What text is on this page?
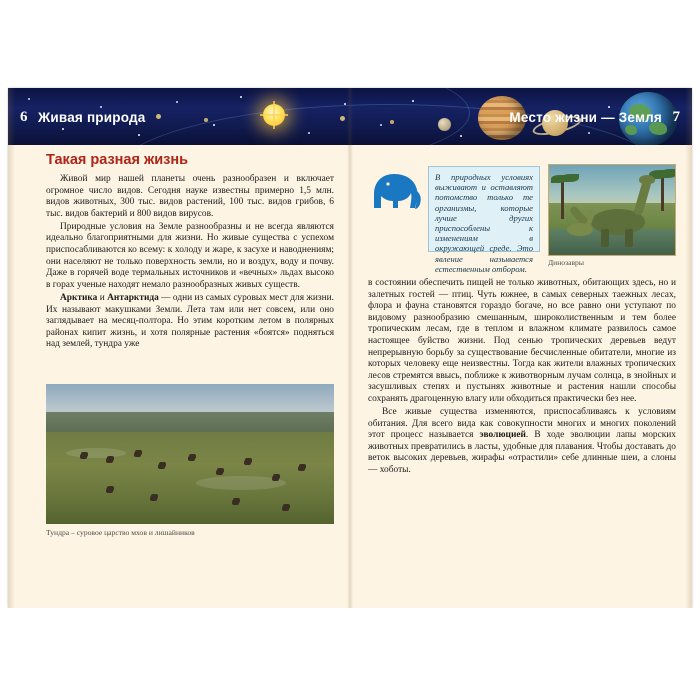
6 Живая природа	Место жизни — Земля 7
Такая разная жизнь

Живой мир нашей планеты очень разнообразен и включает огромное число видов. Сегодня науке известны примерно 1,5 млн. видов животных, 300 тыс. видов растений, 100 тыс. видов грибов, 6 тыс. видов бактерий и 800 видов вирусов.

Природные условия на Земле разнообразны и не всегда являются идеально благоприятными для жизни. Но живые существа с успехом приспосабливаются ко всему: к холоду и жаре, к засухе и наводнениям; они населяют не только поверхность земли, но и воздух, воду и почву. Даже в горячей воде термальных источников и «вечных» льдах высоко в горах ученые находят немало разнообразных живых существ.

Арктика и Антарктида — одни из самых суровых мест для жизни. Их называют макушками Земли. Лета там или нет совсем, или оно заглядывает на месяц-полтора. Но этим коротким летом в полярных районах кипит жизнь, и хотя полярные растения «боятся» подняться над землей, тундра уже

Тундра – суровое царство мхов и лишайников
В природных условиях выживают и оставляют потомство только те организмы, которые лучше других приспособлены к изменениям в окружающей среде. Это явление называется естественным отбором.
Динозавры

в состоянии обеспечить пищей не только животных, обитающих здесь, но и залетных гостей — птиц. Чуть южнее, в самых северных таежных лесах, флора и фауна становятся гораздо богаче, но все равно они уступают по видовому разнообразию смешанным, широколиственным и тем более тропическим лесам, где в теплом и влажном климате развилось самое настоящее буйство жизни. Под сенью тропических деревьев ведут непрерывную борьбу за существование бесчисленные обитатели, многие из которых человеку еще неизвестны. Тогда как жители влажных тропических лесов стремятся ввысь, поближе к животворным лучам солнца, в знойных и засушливых степях и пустынях животные и растения нашли способы сохранять драгоценную влагу или обходиться практически без нее.

Все живые существа изменяются, приспосабливаясь к условиям обитания. Для всего вида как совокупности многих и многих поколений этот процесс называется эволюцией. В ходе эволюции лапы морских животных превратились в ласты, удобные для плавания. Чтобы доставать до веток высоких деревьев, жирафы «отрастили» себе длинные шеи, а слоны — хоботы.
